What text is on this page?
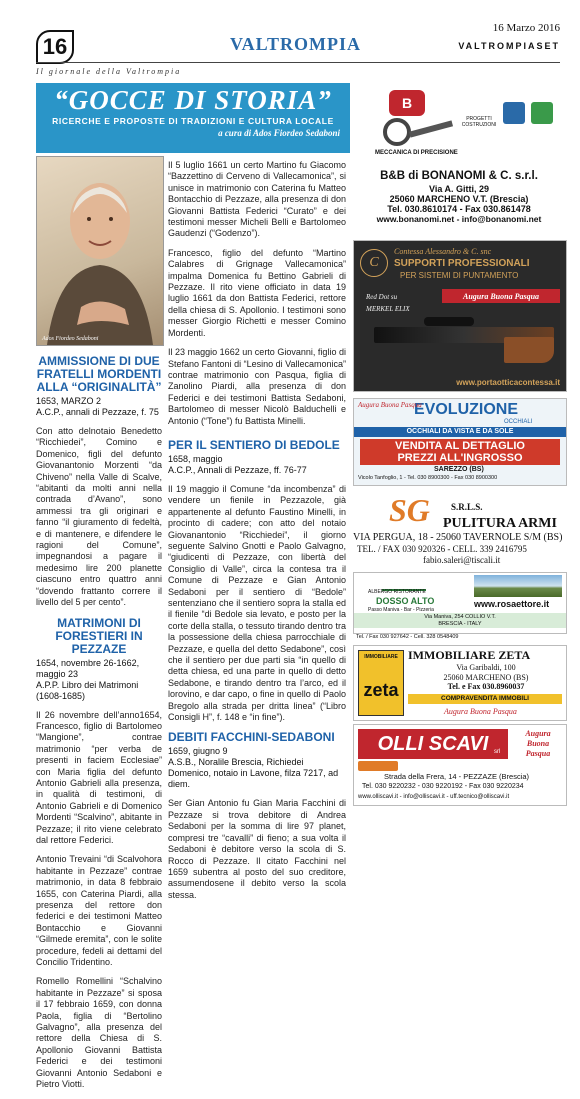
16	VALTROMPIA
16 Marzo 2016
VALTROMPIASET
Il giornale della Valtrompia
“GOCCE DI STORIA”
RICERCHE E PROPOSTE DI TRADIZIONI E CULTURA LOCALE
a cura di Ados Fiordeo Sedaboni
Ados Fiordeo Sedaboni
AMMISSIONE DI DUE FRATELLI MORDENTI ALLA “ORIGINALITÀ”
1653, MARZO 2
A.C.P., annali di Pezzaze, f. 75

Con atto delnotaio Benedetto “Ricchiedei”, Comino e Domenico, figli del defunto Giovanantonio Morzenti “da Chiveno” nella Valle di Scalve, “abitanti da molti anni nella contrada d’Avano”, sono ammessi tra gli originari e fanno “il giuramento di fedeltà, e di mantenere, e difendere le ragioni del Comune”, impegnandosi a pagare il medesimo lire 200 planette ciascuno entro quattro anni “dovendo frattanto correre il livello del 5 per cento”.

MATRIMONI DI FORESTIERI IN PEZZAZE
1654, novembre 26-1662, maggio 23
A.P.P. Libro dei Matrimoni (1608-1685)

Il 26 novembre dell’anno1654, Francesco, figlio di Bartolomeo “Mangione”, contrae matrimonio “per verba de presenti in faciem Ecclesiae” con Maria figlia del defunto Antonio Gabrieli alla presenza, in qualità di testimoni, di Antonio Gabrieli e di Domenico Mordenti “Scalvino”, abitante in Pezzaze; il rito viene celebrato dal rettore Federici.

Antonio Trevaini “di Scalvohora habitante in Pezzaze” contrae matrimonio, in data 8 febbraio 1655, con Caterina Piardi, alla presenza del rettore don federici e dei testimoni Matteo Bontacchio e Giovanni “Gilmede eremita”, con le solite procedure, fedeli ai dettami del Concilio Tridentino.

Romello Romellini “Schalvino habitante in Pezzaze” si sposa il 17 febbraio 1659, con donna Paola, figlia di “Bertolino Galvagno”, alla presenza del rettore della Chiesa di S. Apollonio Giovanni Battista Federici e dei testimoni Giovanni Antonio Sedaboni e Pietro Viotti.

Il 5 luglio 1661 un certo Martino fu Giacomo “Bazzettino di Cerveno di Vallecamonica”, si unisce in matrimonio con Caterina fu Matteo Bontacchio di Pezzaze, alla presenza di don Giovanni Battista Federici “Curato” e dei testimoni messer Micheli Belli e Bartolomeo Gaudenzi (“Godenzo”).

Francesco, figlio del defunto “Martino Calabres di Grignage Vallecamonica” impalma Domenica fu Bettino Gabrieli di Pezzaze. Il rito viene officiato in data 19 luglio 1661 da don Battista Federici, rettore della chiesa di S. Apollonio. I testimoni sono messer Giorgio Richetti e messer Comino Mordenti.

Il 23 maggio 1662 un certo Giovanni, figlio di Stefano Fantoni di “Lesino di Vallecamonica” contrae matrimonio con Pasqua, figlia di Zanolino Piardi, alla presenza di don Federici e dei testimoni Battista Sedaboni, Bartolomeo di messer Nicolò Balduchelli e Antonio (“Tone”) fu Battista Minelli.

PER IL SENTIERO DI BEDOLE
1658, maggio
A.C.P., Annali di Pezzaze, ff. 76-77

Il 19 maggio il Comune “da incombenza” di vendere un fienile in Pezzazole, già appartenente al defunto Faustino Minelli, in procinto di cadere; con atto del notaio Giovanantonio “Ricchiedei”, il giorno seguente Salvino Gnotti e Paolo Galvagno, “giudicenti di Pezzaze, con libertà del Consiglio di Valle”, circa la contesa tra il Comune di Pezzaze e Gian Antonio Sedaboni per il sentiero di “Bedole” sentenziano che il sentiero sopra la stalla ed il fienile “di Bedole sia levato, e posto per la corte della stalla, o tessuto tirando dentro tra la possessione della chiesa parrocchiale di Pezzaze, e quella del detto Sedabone”, così che il sentiero per due parti sia “in quello di detta chiesa, ed una parte in quello di detto Sedabone, e tirando dentro tra l’arco, ed il lorovino, e dar capo, o fine in quello di Paolo Bregolo alla strada per dritta linea” (“Libro Consigli H”, f. 148 e “in fine”).

DEBITI FACCHINI-SEDABONI
1659, giugno 9
A.S.B., Noralile Brescia, Richiedei Domenico, notaio in Lavone, filza 7217, ad diem.

Ser Gian Antonio fu Gian Maria Facchini di Pezzaze si trova debitore di Andrea Sedaboni per la somma di lire 97 planet, compresi tre “cavalli” di fieno; a sua volta il Sedaboni è debitore verso la scola di S. Rocco di Pezzaze. Il citato Facchini nel 1659 subentra al posto del suo creditore, assumendosene il debito verso la scola stessa.

B
PROGETTI COSTRUZIONI
MECCANICA DI PRECISIONE
B&B di BONANOMI & C. s.r.l.
Via A. Gitti, 29
25060 MARCHENO V.T. (Brescia)
Tel. 030.8610174 - Fax 030.861478
www.bonanomi.net - info@bonanomi.net
C
Contessa Alessandro & C. snc
SUPPORTI PROFESSIONALI
PER SISTEMI DI PUNTAMENTO
Red Dot su
MERKEL ELIX
Augura Buona Pasqua
www.portaotticacontessa.it
EVOLUZIONE
OCCHIALI
Augura Buona Pasqua
OCCHIALI DA VISTA E DA SOLE
VENDITA AL DETTAGLIO
PREZZI ALL'INGROSSO
SAREZZO (BS)
Vicolo Tanfoglio, 1 - Tel. 030 8900300 - Fax 030 8900300
SG S.R.L.S.
PULITURA ARMI
VIA PERGUA, 18 - 25060 TAVERNOLE S/M (BS)
TEL. / FAX 030 920326 - CELL. 339 2416795
fabio.saleri@tiscali.it
ALBERGO RISTORANTE
DOSSO ALTO
Passo Maniva - Bar - Pizzeria
www.rosaettore.it
Via Maniva, 254 COLLIO V.T.
BRESCIA - ITALY
Tel. / Fax 030 927642 - Cell. 328 0548409
IMMOBILIARE
zeta
IMMOBILIARE ZETA
Via Garibaldi, 100
25060 MARCHENO (BS)
Tel. e Fax 030.8960037
COMPRAVENDITA IMMOBILI
Augura Buona Pasqua
OLLI SCAVI srl
Augura
Buona
Pasqua
Strada della Frera, 14 - PEZZAZE (Brescia)
Tel. 030 9220232 - 030 9220192 - Fax 030 9220234
www.olliscavi.it - info@olliscavi.it - uff.tecnico@olliscavi.it
